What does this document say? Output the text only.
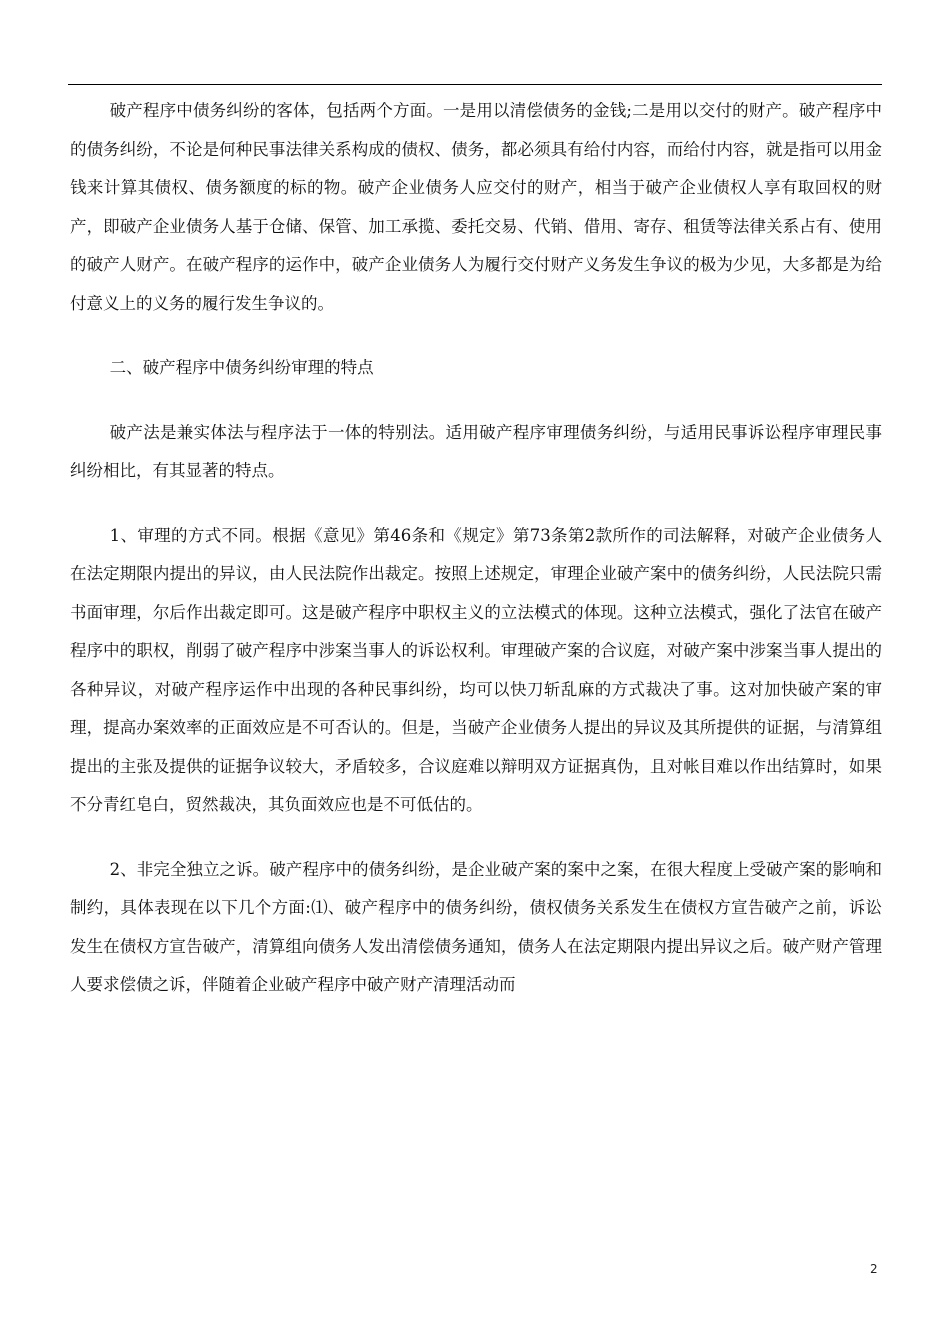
破产程序中债务纠纷的客体，包括两个方面。一是用以清偿债务的金钱;二是用以交付的财产。破产程序中的债务纠纷，不论是何种民事法律关系构成的债权、债务，都必须具有给付内容，而给付内容，就是指可以用金钱来计算其债权、债务额度的标的物。破产企业债务人应交付的财产，相当于破产企业债权人享有取回权的财产，即破产企业债务人基于仓储、保管、加工承揽、委托交易、代销、借用、寄存、租赁等法律关系占有、使用的破产人财产。在破产程序的运作中，破产企业债务人为履行交付财产义务发生争议的极为少见，大多都是为给付意义上的义务的履行发生争议的。

二、破产程序中债务纠纷审理的特点

破产法是兼实体法与程序法于一体的特别法。适用破产程序审理债务纠纷，与适用民事诉讼程序审理民事纠纷相比，有其显著的特点。

1、审理的方式不同。根据《意见》第46条和《规定》第73条第2款所作的司法解释，对破产企业债务人在法定期限内提出的异议，由人民法院作出裁定。按照上述规定，审理企业破产案中的债务纠纷，人民法院只需书面审理，尔后作出裁定即可。这是破产程序中职权主义的立法模式的体现。这种立法模式，强化了法官在破产程序中的职权，削弱了破产程序中涉案当事人的诉讼权利。审理破产案的合议庭，对破产案中涉案当事人提出的各种异议，对破产程序运作中出现的各种民事纠纷，均可以快刀斩乱麻的方式裁决了事。这对加快破产案的审理，提高办案效率的正面效应是不可否认的。但是，当破产企业债务人提出的异议及其所提供的证据，与清算组提出的主张及提供的证据争议较大，矛盾较多，合议庭难以辩明双方证据真伪，且对帐目难以作出结算时，如果不分青红皂白，贸然裁决，其负面效应也是不可低估的。

2、非完全独立之诉。破产程序中的债务纠纷，是企业破产案的案中之案，在很大程度上受破产案的影响和制约，具体表现在以下几个方面:⑴、破产程序中的债务纠纷，债权债务关系发生在债权方宣告破产之前，诉讼发生在债权方宣告破产，清算组向债务人发出清偿债务通知，债务人在法定期限内提出异议之后。破产财产管理人要求偿债之诉，伴随着企业破产程序中破产财产清理活动而

2
